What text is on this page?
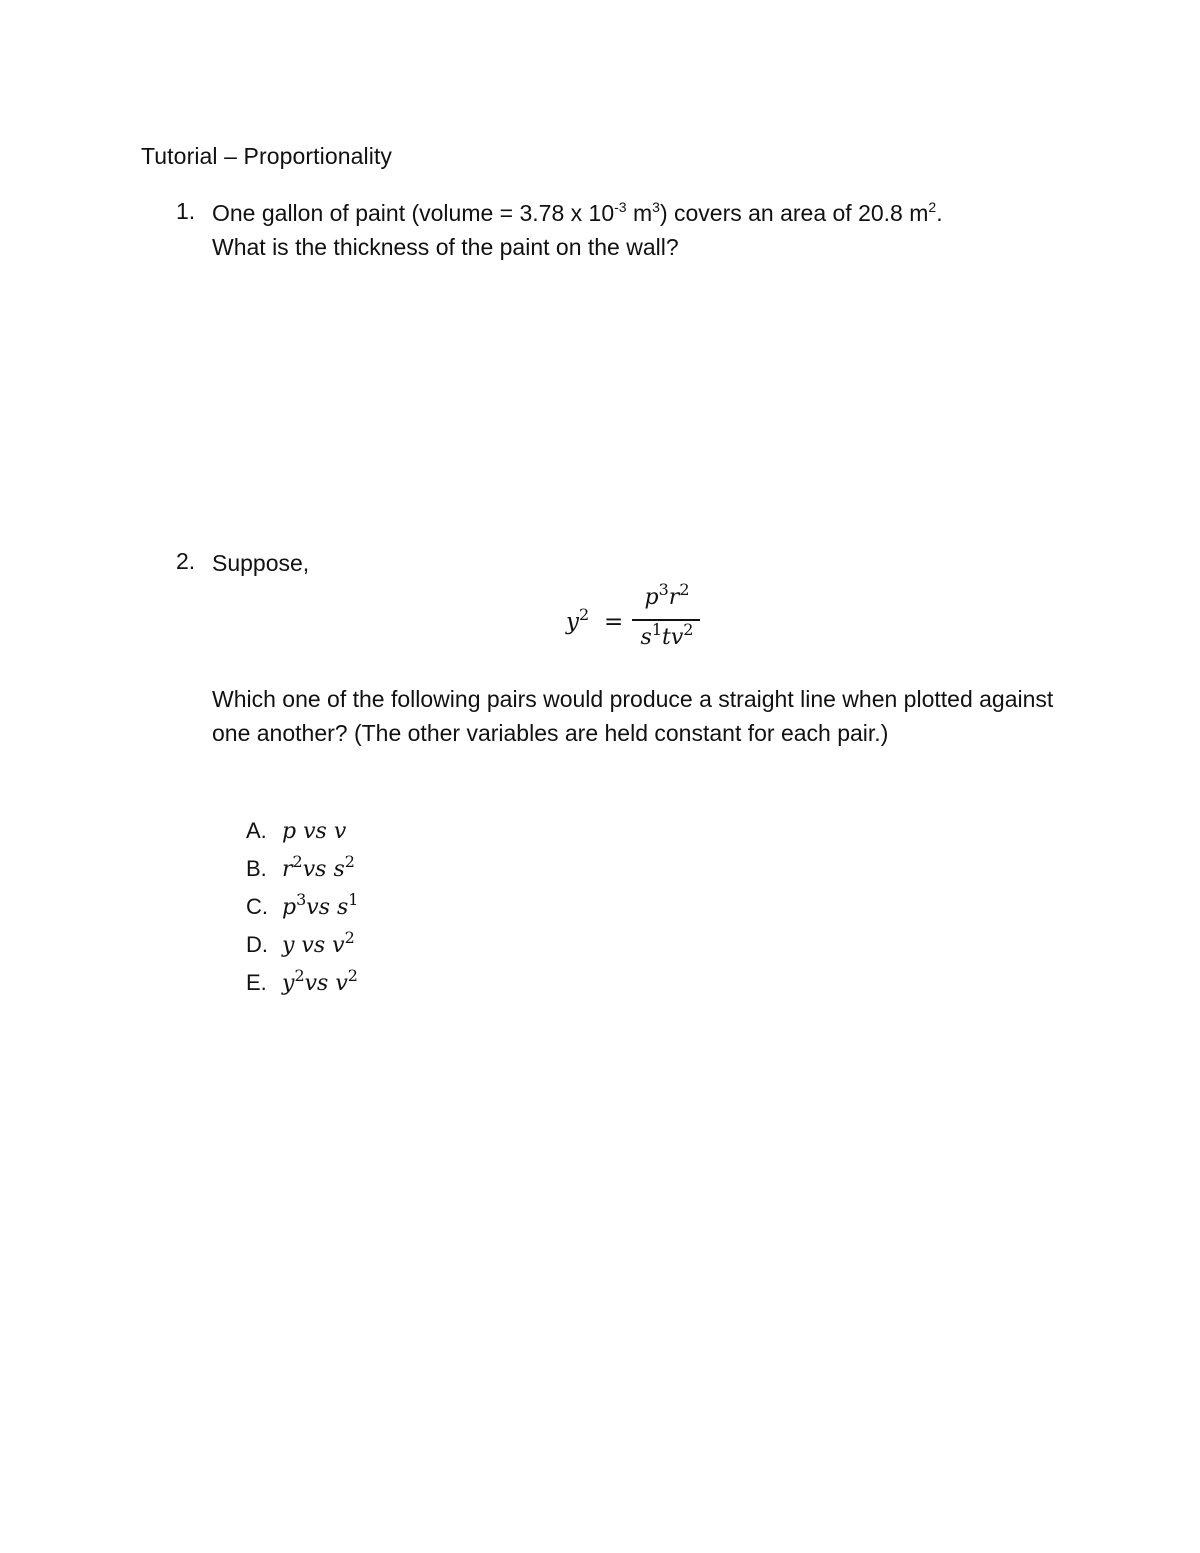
Tutorial – Proportionality
1. One gallon of paint (volume = 3.78 x $10^{-3}$ $m^3$) covers an area of 20.8 $m^2$.
What is the thickness of the paint on the wall?
2. Suppose,
$y^2$ =
$p^3r^2$
$s^1tv^2$
Which one of the following pairs would produce a straight line when plotted against one another? (The other variables are held constant for each pair.)
A. p vs v
B. $r^2vs$ $s^2$
C. $p^3vs$ $s^1$
D. y vs $v^2$
E. $y^2vs$ $v^2$
